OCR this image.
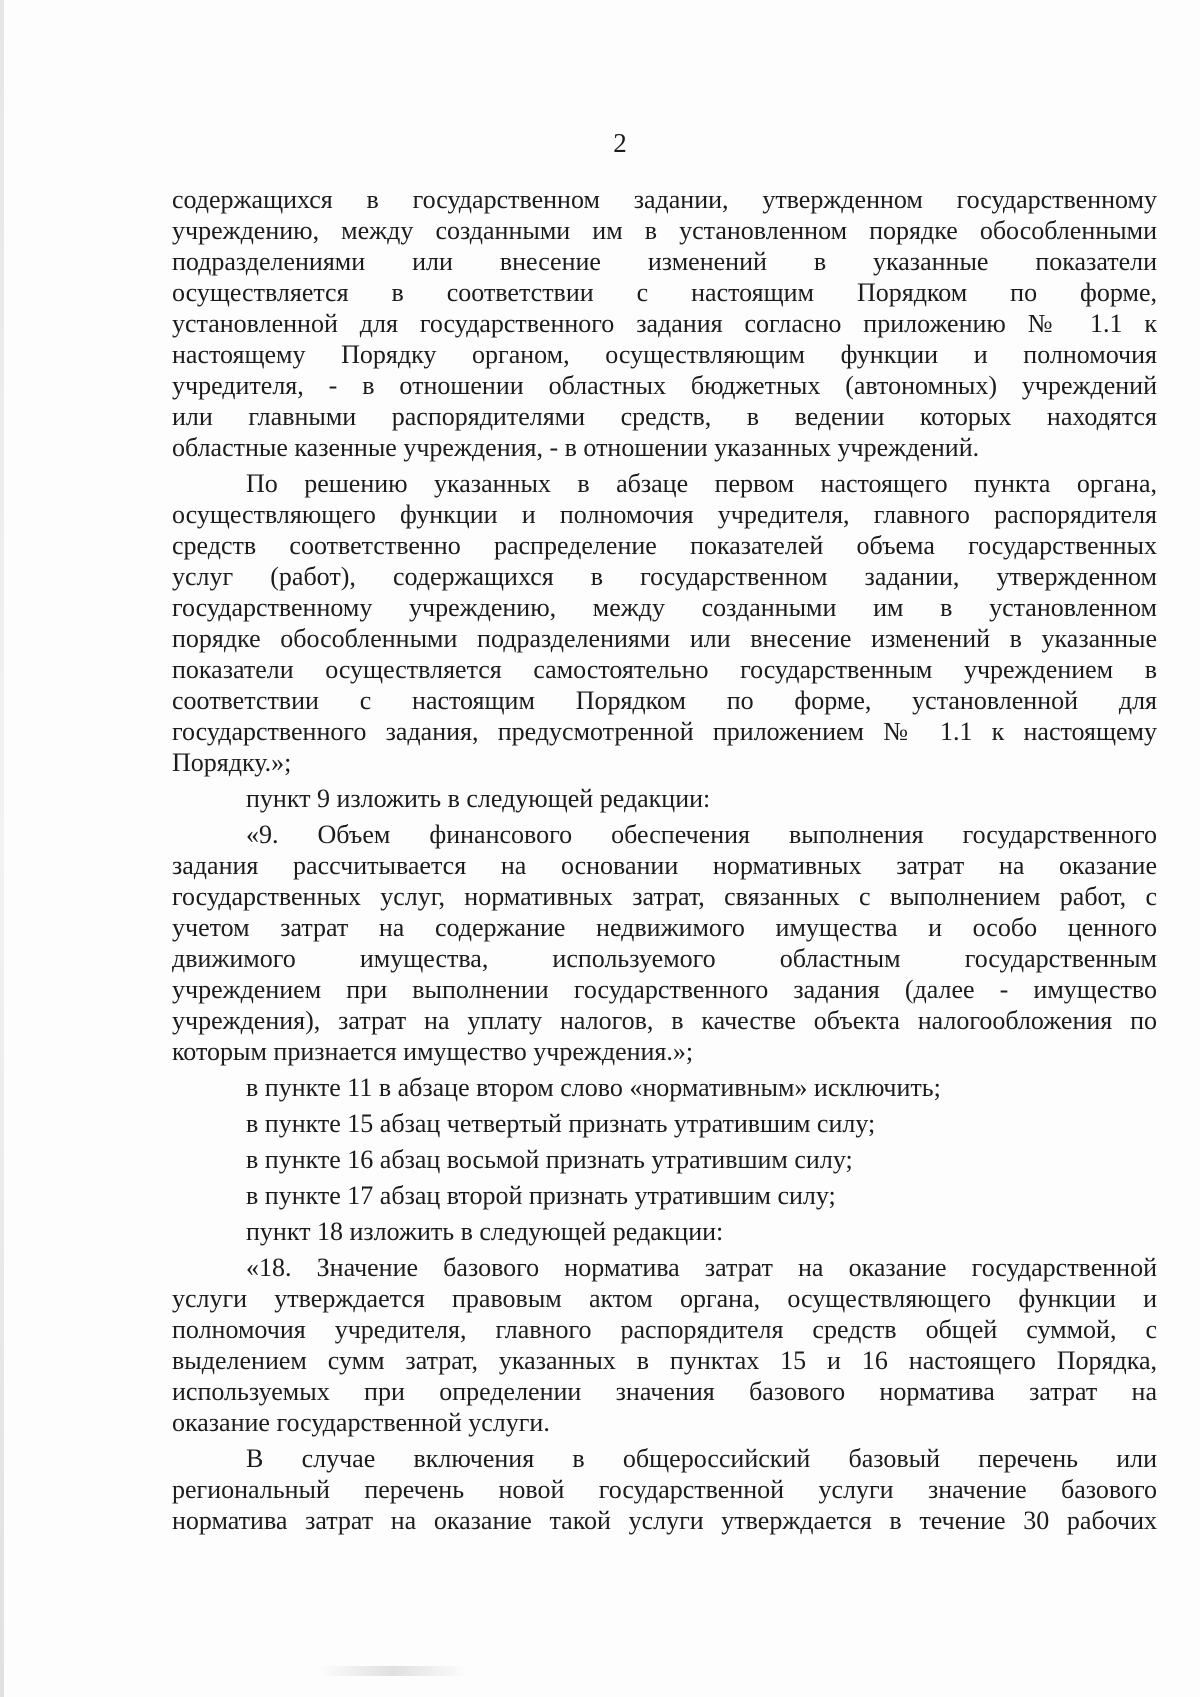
2
содержащихся в государственном задании, утвержденном государственному
учреждению, между созданными им в установленном порядке обособленными
подразделениями или внесение изменений в указанные показатели
осуществляется в соответствии с настоящим Порядком по форме,
установленной для государственного задания согласно приложению № 1.1 к
настоящему Порядку органом, осуществляющим функции и полномочия
учредителя, - в отношении областных бюджетных (автономных) учреждений
или главными распорядителями средств, в ведении которых находятся
областные казенные учреждения, - в отношении указанных учреждений.
По решению указанных в абзаце первом настоящего пункта органа,
осуществляющего функции и полномочия учредителя, главного распорядителя
средств соответственно распределение показателей объема государственных
услуг (работ), содержащихся в государственном задании, утвержденном
государственному учреждению, между созданными им в установленном
порядке обособленными подразделениями или внесение изменений в указанные
показатели осуществляется самостоятельно государственным учреждением в
соответствии с настоящим Порядком по форме, установленной для
государственного задания, предусмотренной приложением № 1.1 к настоящему
Порядку.»;
пункт 9 изложить в следующей редакции:
«9. Объем финансового обеспечения выполнения государственного
задания рассчитывается на основании нормативных затрат на оказание
государственных услуг, нормативных затрат, связанных с выполнением работ, с
учетом затрат на содержание недвижимого имущества и особо ценного
движимого имущества, используемого областным государственным
учреждением при выполнении государственного задания (далее - имущество
учреждения), затрат на уплату налогов, в качестве объекта налогообложения по
которым признается имущество учреждения.»;
в пункте 11 в абзаце втором слово «нормативным» исключить;
в пункте 15 абзац четвертый признать утратившим силу;
в пункте 16 абзац восьмой признать утратившим силу;
в пункте 17 абзац второй признать утратившим силу;
пункт 18 изложить в следующей редакции:
«18. Значение базового норматива затрат на оказание государственной
услуги утверждается правовым актом органа, осуществляющего функции и
полномочия учредителя, главного распорядителя средств общей суммой, с
выделением сумм затрат, указанных в пунктах 15 и 16 настоящего Порядка,
используемых при определении значения базового норматива затрат на
оказание государственной услуги.
В случае включения в общероссийский базовый перечень или
региональный перечень новой государственной услуги значение базового
норматива затрат на оказание такой услуги утверждается в течение 30 рабочих
